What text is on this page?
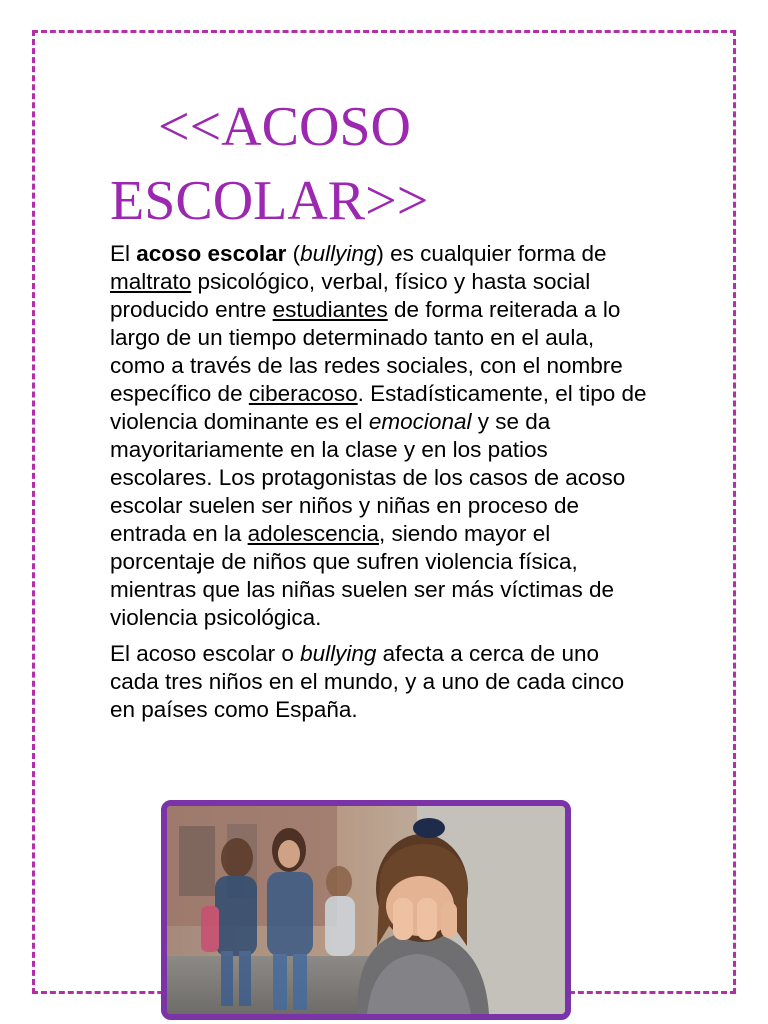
<<ACOSO
ESCOLAR>>

El acoso escolar (bullying) es cualquier forma de maltrato psicológico, verbal, físico y hasta social producido entre estudiantes de forma reiterada a lo largo de un tiempo determinado tanto en el aula, como a través de las redes sociales, con el nombre específico de ciberacoso. Estadísticamente, el tipo de violencia dominante es el emocional y se da mayoritariamente en la clase y en los patios escolares. Los protagonistas de los casos de acoso escolar suelen ser niños y niñas en proceso de entrada en la adolescencia, siendo mayor el porcentaje de niños que sufren violencia física, mientras que las niñas suelen ser más víctimas de violencia psicológica.

El acoso escolar o bullying afecta a cerca de uno cada tres niños en el mundo, y a uno de cada cinco en países como España.
